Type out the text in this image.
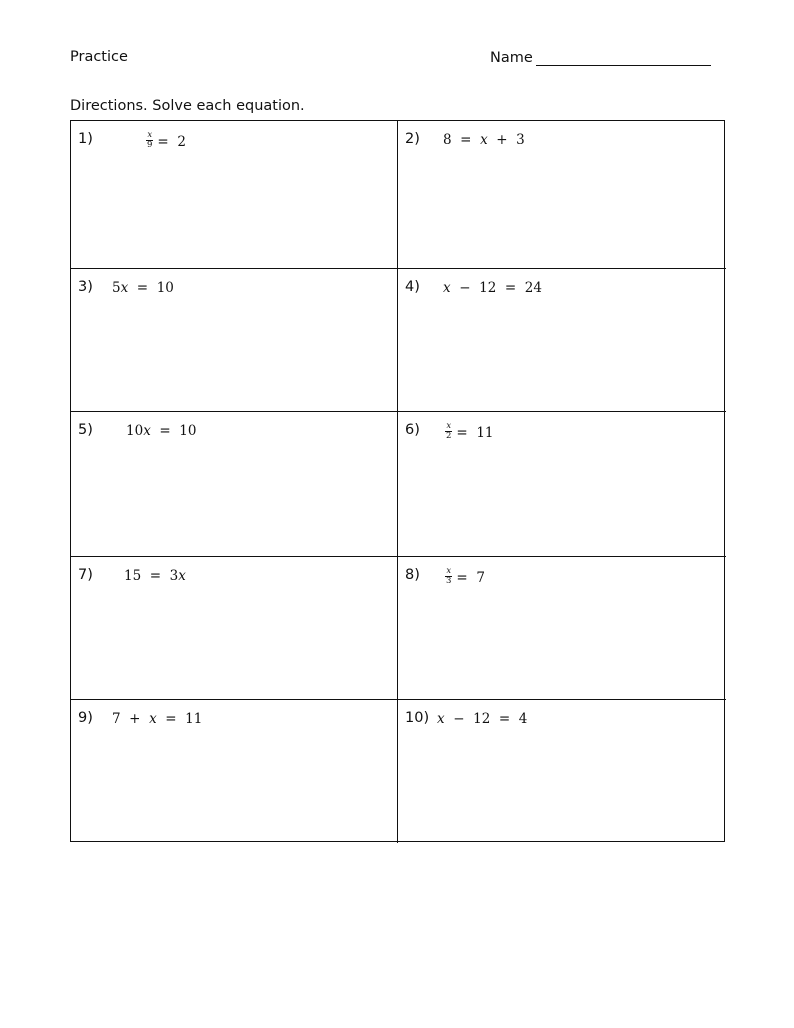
Practice	Name
Directions. Solve each equation.
1)	$\frac{x}{9} = 2$	2)	8  = x +  3
3)	5 x =  10	4)	x −  12  =  24
5)	10 x =  10	6)	$\frac{x}{2} = 11$
7)	15  =  3 x	8)	$\frac{x}{3} = 7$
9)	7  + x =  11	10) x −  12  =  4
